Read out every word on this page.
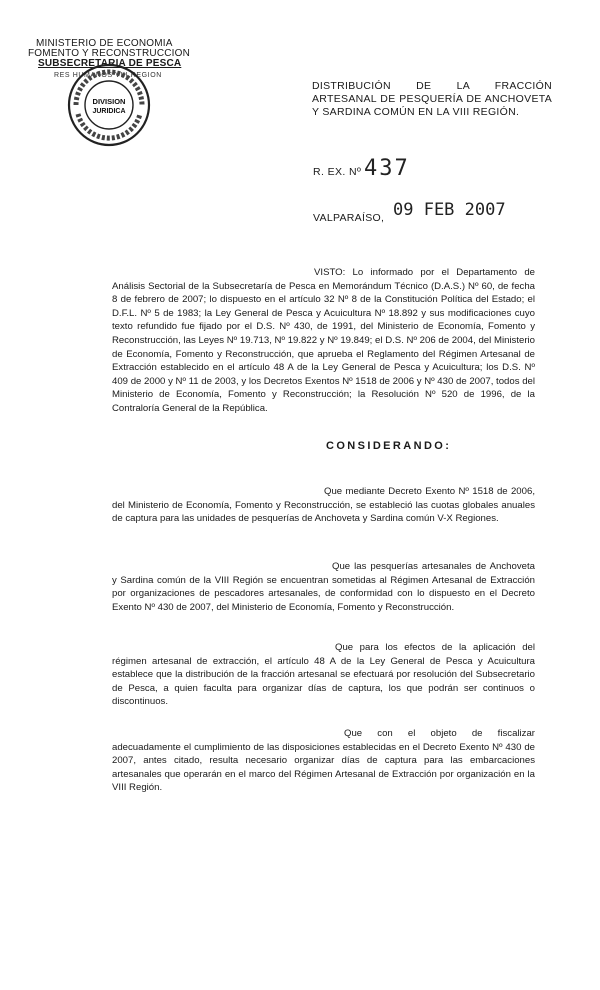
MINISTERIO DE ECONOMIA
FOMENTO Y RECONSTRUCCION
SUBSECRETARIA DE PESCA
RES HUMANOS VIII REGION
DIVISION
JURIDICA
DISTRIBUCIÓN DE LA FRACCIÓN ARTESANAL DE PESQUERÍA DE ANCHOVETA Y SARDINA COMÚN EN LA VIII REGIÓN.
R. EX. Nº 437
VALPARAÍSO, 09 FEB 2007
VISTO: Lo informado por el Departamento de Análisis Sectorial de la Subsecretaría de Pesca en Memorándum Técnico (D.A.S.) Nº 60, de fecha 8 de febrero de 2007; lo dispuesto en el artículo 32 Nº 8 de la Constitución Política del Estado; el D.F.L. Nº 5 de 1983; la Ley General de Pesca y Acuicultura Nº 18.892 y sus modificaciones cuyo texto refundido fue fijado por el D.S. Nº 430, de 1991, del Ministerio de Economía, Fomento y Reconstrucción, las Leyes Nº 19.713, Nº 19.822 y Nº 19.849; el D.S. Nº 206 de 2004, del Ministerio de Economía, Fomento y Reconstrucción, que aprueba el Reglamento del Régimen Artesanal de Extracción establecido en el artículo 48 A de la Ley General de Pesca y Acuicultura; los D.S. Nº 409 de 2000 y Nº 11 de 2003, y los Decretos Exentos Nº 1518 de 2006 y Nº 430 de 2007, todos del Ministerio de Economía, Fomento y Reconstrucción; la Resolución Nº 520 de 1996, de la Contraloría General de la República.
CONSIDERANDO:
Que mediante Decreto Exento Nº 1518 de 2006, del Ministerio de Economía, Fomento y Reconstrucción, se estableció las cuotas globales anuales de captura para las unidades de pesquerías de Anchoveta y Sardina común V-X Regiones.
Que las pesquerías artesanales de Anchoveta y Sardina común de la VIII Región se encuentran sometidas al Régimen Artesanal de Extracción por organizaciones de pescadores artesanales, de conformidad con lo dispuesto en el Decreto Exento Nº 430 de 2007, del Ministerio de Economía, Fomento y Reconstrucción.
Que para los efectos de la aplicación del régimen artesanal de extracción, el artículo 48 A de la Ley General de Pesca y Acuicultura establece que la distribución de la fracción artesanal se efectuará por resolución del Subsecretario de Pesca, a quien faculta para organizar días de captura, los que podrán ser continuos o discontinuos.
Que con el objeto de fiscalizar adecuadamente el cumplimiento de las disposiciones establecidas en el Decreto Exento Nº 430 de 2007, antes citado, resulta necesario organizar días de captura para las embarcaciones artesanales que operarán en el marco del Régimen Artesanal de Extracción por organización en la VIII Región.
